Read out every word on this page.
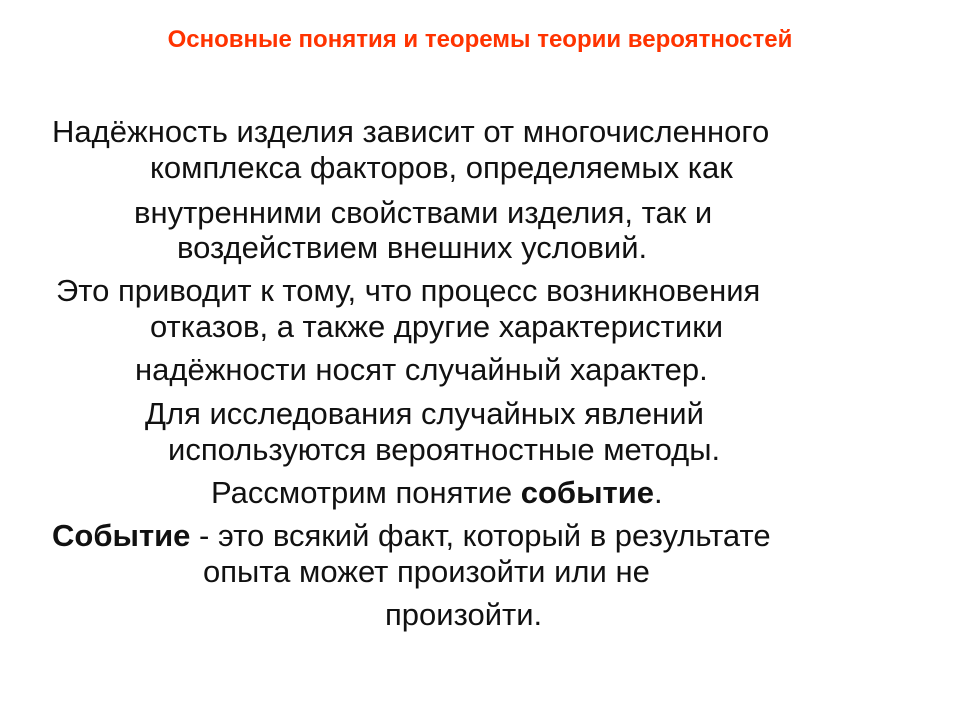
Основные понятия и теоремы теории вероятностей
Надёжность изделия зависит от многочисленного
комплекса факторов, определяемых как
внутренними свойствами изделия, так и
воздействием внешних условий.
Это приводит к тому, что процесс возникновения
отказов, а также другие характеристики
надёжности носят случайный характер.
Для исследования случайных явлений
используются вероятностные методы.
Рассмотрим понятие событие.
Событие - это всякий факт, который в результате
опыта может произойти или не
произойти.
